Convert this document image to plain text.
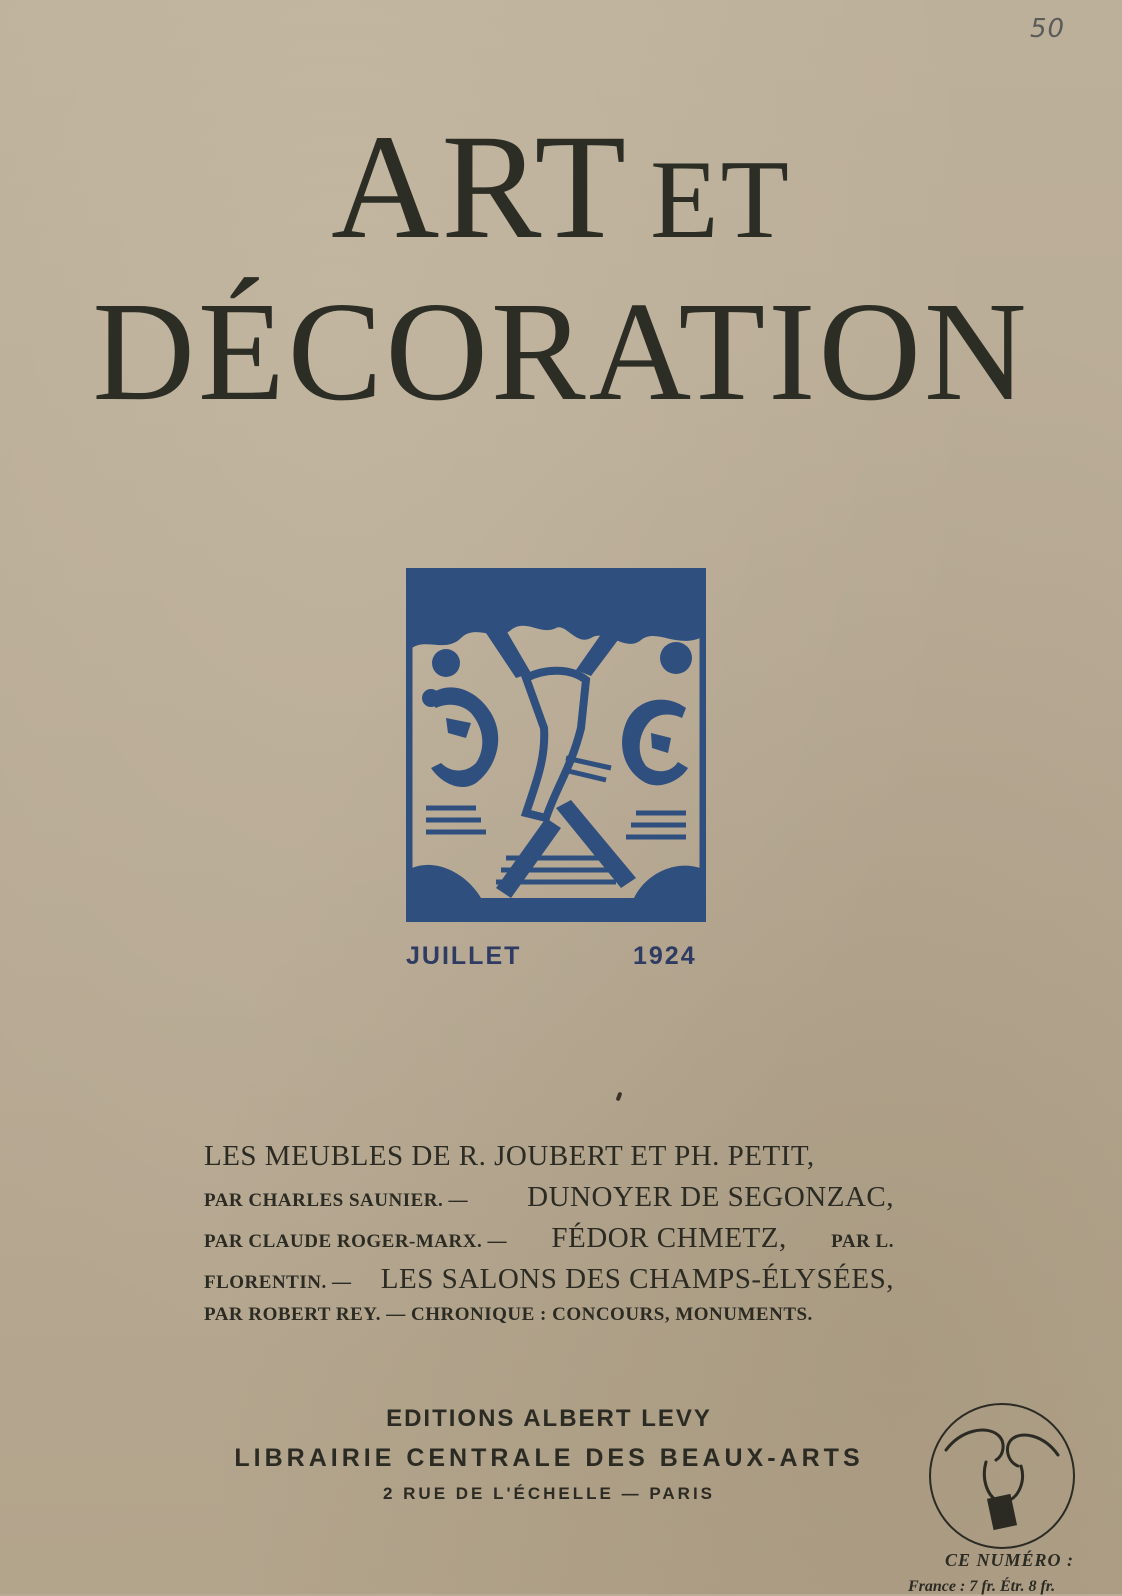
50
ART ET
DÉCORATION
JUILLET	1924
LES MEUBLES DE R. JOUBERT ET PH. PETIT,
PAR CHARLES SAUNIER. — DUNOYER DE SEGONZAC,
PAR CLAUDE ROGER-MARX. — FÉDOR CHMETZ, PAR L.
FLORENTIN. — LES SALONS DES CHAMPS-ÉLYSÉES,
PAR ROBERT REY. — CHRONIQUE : CONCOURS, MONUMENTS.
EDITIONS ALBERT LEVY
LIBRAIRIE CENTRALE DES BEAUX-ARTS
2 RUE DE L'ÉCHELLE — PARIS
CE NUMÉRO :
France : 7 fr. Étr. 8 fr.
